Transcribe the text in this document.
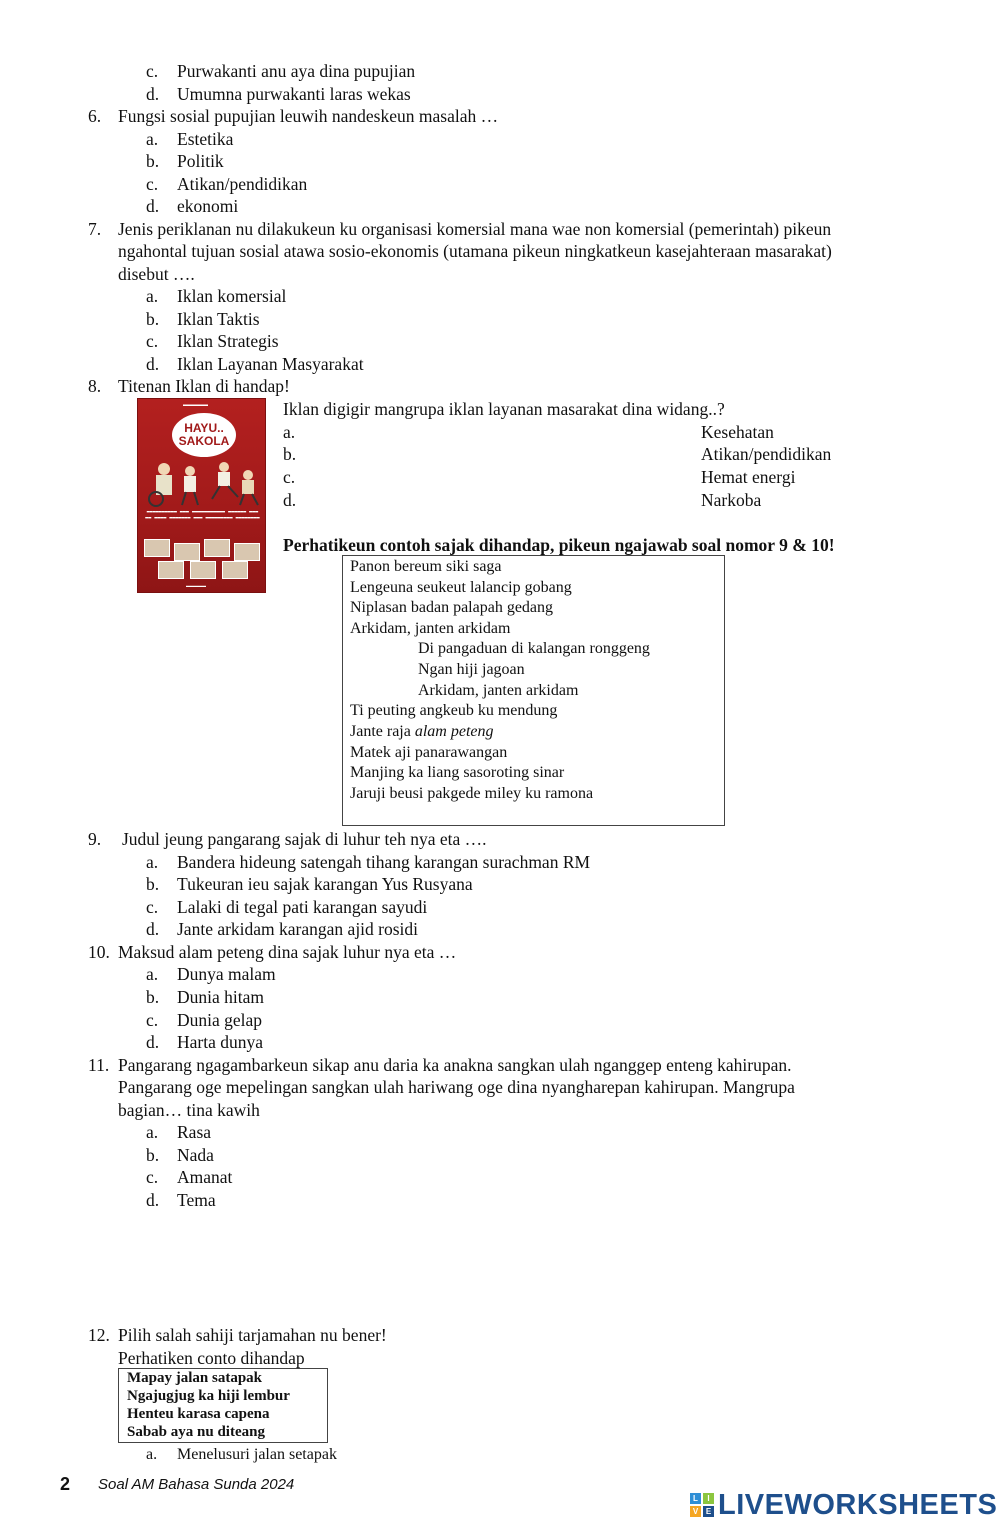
c. Purwakanti anu aya dina pupujian
d. Umumna purwakanti laras wekas
6. Fungsi sosial pupujian leuwih nandeskeun masalah …
a. Estetika
b. Politik
c. Atikan/pendidikan
d. ekonomi
7. Jenis periklanan nu dilakukeun ku organisasi komersial mana wae non komersial (pemerintah) pikeun
ngahontal tujuan sosial atawa sosio-ekonomis (utamana pikeun ningkatkeun kasejahteraan masarakat)
disebut ….
a. Iklan komersial
b. Iklan Taktis
c. Iklan Strategis
d. Iklan Layanan Masyarakat
8. Titenan Iklan di handap!
▬▬▬▬▬
HAYU..
SAKOLA
▬▬▬▬▬▬▬▬▬▬ ▬▬▬ ▬▬▬▬▬▬▬▬▬▬▬ ▬▬▬▬▬▬ ▬▬▬ ▬▬ ▬▬▬▬ ▬▬▬▬▬▬▬ ▬▬▬ ▬▬▬▬▬▬▬▬▬ ▬▬▬▬▬▬▬▬
▬▬▬▬▬
Iklan digigir mangrupa iklan layanan masarakat dina widang..?
a.	Kesehatan
b.	Atikan/pendidikan
c.	Hemat energi
d.	Narkoba
Perhatikeun contoh sajak dihandap, pikeun ngajawab soal nomor 9 & 10!
Panon bereum siki saga
Lengeuna seukeut lalancip gobang
Niplasan badan palapah gedang
Arkidam, janten arkidam
Di pangaduan di kalangan ronggeng
Ngan hiji jagoan
Arkidam, janten arkidam
Ti peuting angkeub ku mendung
Jante raja alam peteng
Matek aji panarawangan
Manjing ka liang sasoroting sinar
Jaruji beusi pakgede miley ku ramona
9. Judul jeung pangarang sajak di luhur teh nya eta ….
a. Bandera hideung satengah tihang karangan surachman RM
b. Tukeuran ieu sajak karangan Yus Rusyana
c. Lalaki di tegal pati karangan sayudi
d. Jante arkidam karangan ajid rosidi
10. Maksud alam peteng dina sajak luhur nya eta …
a. Dunya malam
b. Dunia hitam
c. Dunia gelap
d. Harta dunya
11. Pangarang ngagambarkeun sikap anu daria ka anakna sangkan ulah nganggep enteng kahirupan.
Pangarang oge mepelingan sangkan ulah hariwang oge dina nyangharepan kahirupan. Mangrupa
bagian… tina kawih
a. Rasa
b. Nada
c. Amanat
d. Tema
12. Pilih salah sahiji tarjamahan nu bener!
Perhatiken conto dihandap
Mapay jalan satapak
Ngajugjug ka hiji lembur
Henteu karasa capena
Sabab aya nu diteang
a. Menelusuri jalan setapak
2 Soal AM Bahasa Sunda 2024
L	I
V E LIVEWORKSHEETS
